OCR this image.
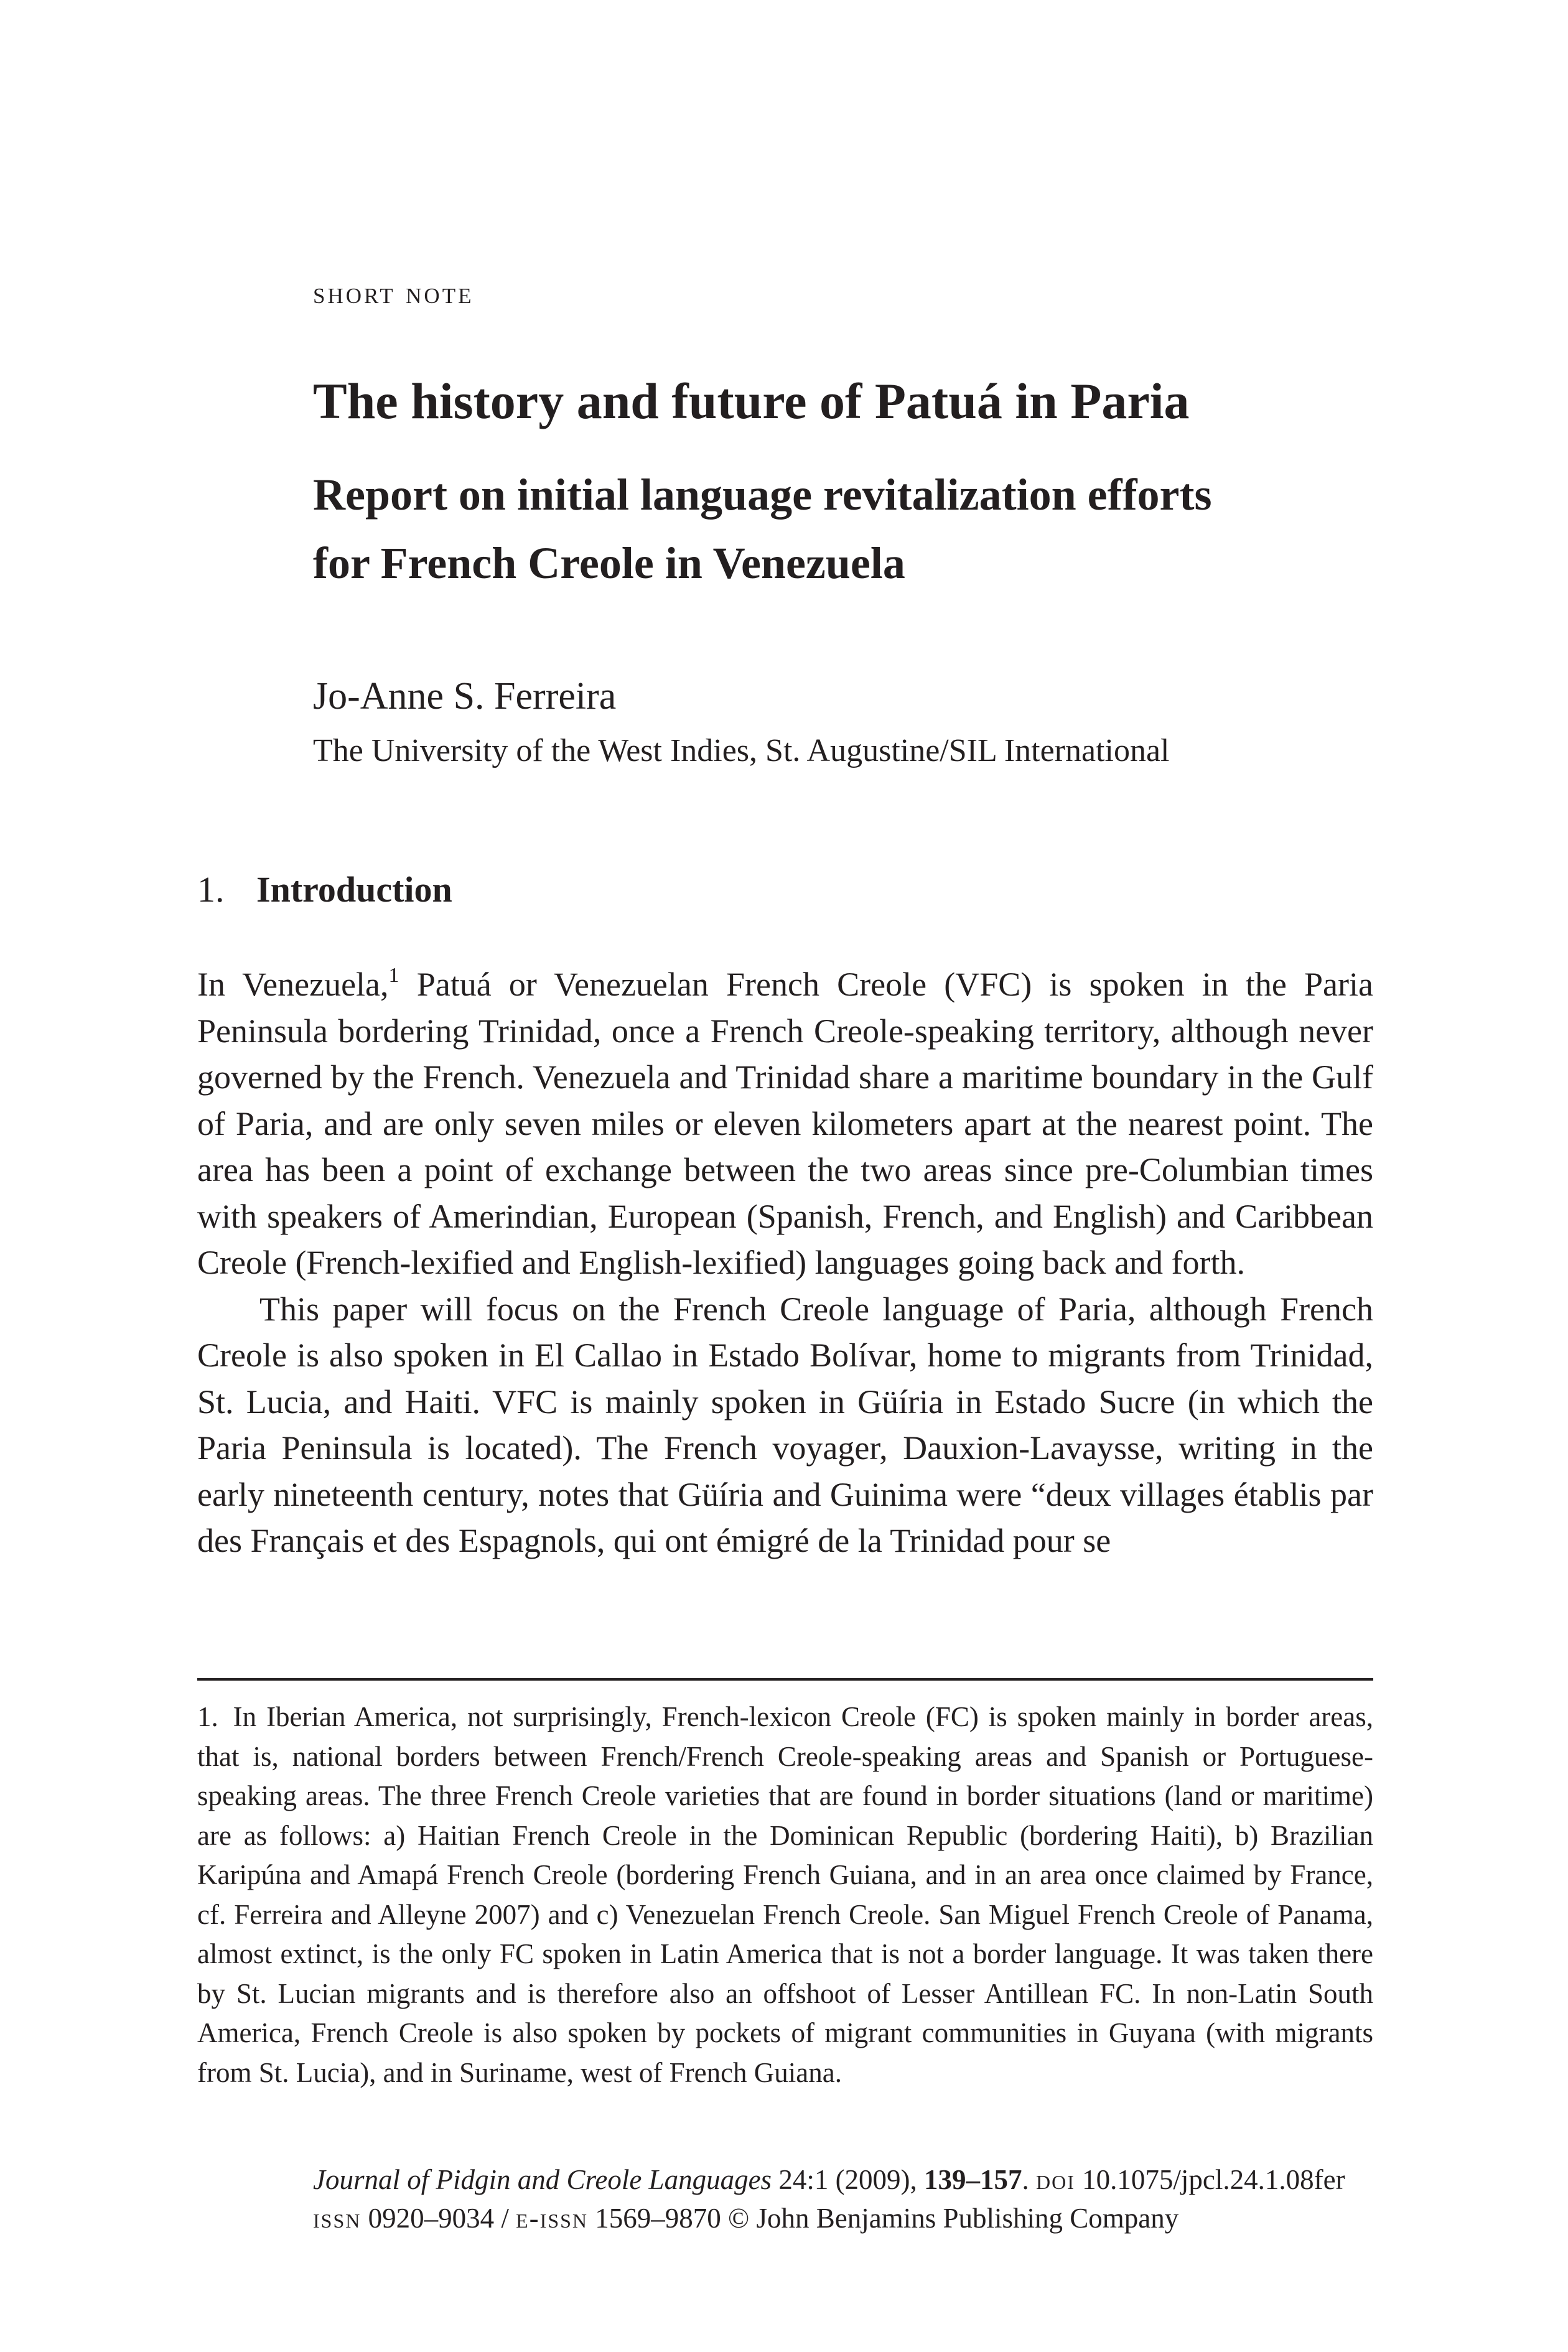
short note
The history and future of Patuá in Paria
Report on initial language revitalization efforts
for French Creole in Venezuela
Jo-Anne S. Ferreira
The University of the West Indies, St. Augustine/SIL International
1. Introduction

In Venezuela,$^1$ Patuá or Venezuelan French Creole (VFC) is spoken in the Paria Peninsula bordering Trinidad, once a French Creole-speaking territory, although never governed by the French. Venezuela and Trinidad share a maritime boundary in the Gulf of Paria, and are only seven miles or eleven kilometers apart at the nearest point. The area has been a point of exchange between the two areas since pre-Columbian times with speakers of Amerindian, European (Spanish, French, and English) and Caribbean Creole (French-lexified and English-lexified) languages going back and forth.

This paper will focus on the French Creole language of Paria, although French Creole is also spoken in El Callao in Estado Bolívar, home to migrants from Trinidad, St. Lucia, and Haiti. VFC is mainly spoken in Güíria in Estado Sucre (in which the Paria Peninsula is located). The French voyager, Dauxion-Lavaysse, writing in the early nineteenth century, notes that Güíria and Guinima were “deux villages établis par des Français et des Espagnols, qui ont émigré de la Trinidad pour se

1. In Iberian America, not surprisingly, French-lexicon Creole (FC) is spoken mainly in border areas, that is, national borders between French/French Creole-speaking areas and Spanish or Portuguese-speaking areas. The three French Creole varieties that are found in border situations (land or maritime) are as follows: a) Haitian French Creole in the Dominican Republic (bordering Haiti), b) Brazilian Karipúna and Amapá French Creole (bordering French Guiana, and in an area once claimed by France, cf. Ferreira and Alleyne 2007) and c) Venezuelan French Creole. San Miguel French Creole of Panama, almost extinct, is the only FC spoken in Latin America that is not a border language. It was taken there by St. Lucian migrants and is therefore also an offshoot of Lesser Antillean FC. In non-Latin South America, French Creole is also spoken by pockets of migrant communities in Guyana (with migrants from St. Lucia), and in Suriname, west of French Guiana.

Journal of Pidgin and Creole Languages 24:1 (2009), 139–157. doi 10.1075/jpcl.24.1.08fer
issn 0920–9034 / e-issn 1569–9870 © John Benjamins Publishing Company
